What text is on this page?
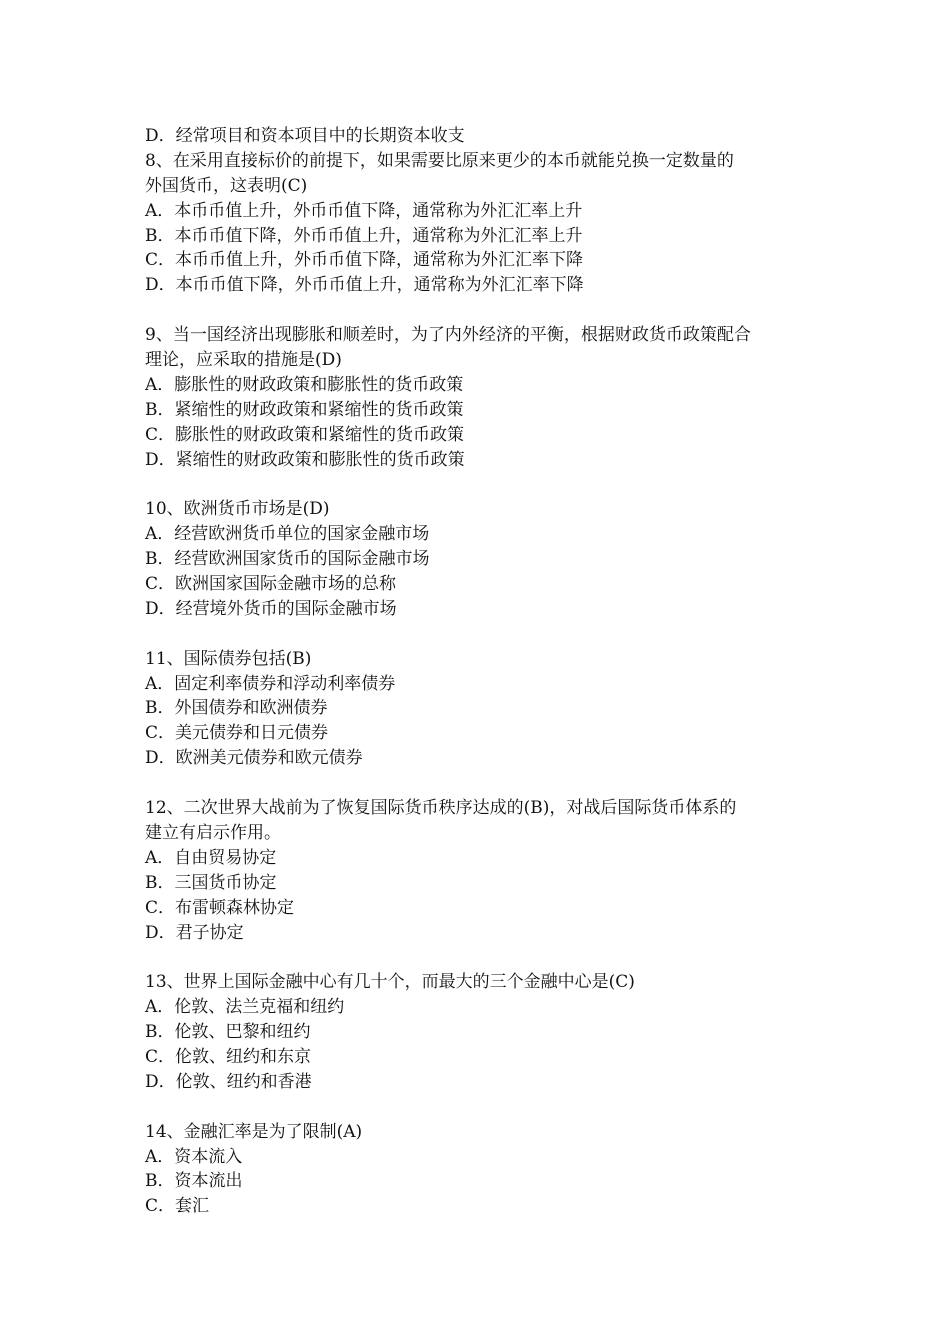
D．经常项目和资本项目中的长期资本收支
8、在采用直接标价的前提下，如果需要比原来更少的本币就能兑换一定数量的
外国货币，这表明(C)
A．本币币值上升，外币币值下降，通常称为外汇汇率上升
B．本币币值下降，外币币值上升，通常称为外汇汇率上升
C．本币币值上升，外币币值下降，通常称为外汇汇率下降
D．本币币值下降，外币币值上升，通常称为外汇汇率下降
9、当一国经济出现膨胀和顺差时，为了内外经济的平衡，根据财政货币政策配合
理论，应采取的措施是(D)
A．膨胀性的财政政策和膨胀性的货币政策
B．紧缩性的财政政策和紧缩性的货币政策
C．膨胀性的财政政策和紧缩性的货币政策
D．紧缩性的财政政策和膨胀性的货币政策
10、欧洲货币市场是(D)
A．经营欧洲货币单位的国家金融市场
B．经营欧洲国家货币的国际金融市场
C．欧洲国家国际金融市场的总称
D．经营境外货币的国际金融市场
11、国际债券包括(B)
A．固定利率债券和浮动利率债券
B．外国债券和欧洲债券
C．美元债券和日元债券
D．欧洲美元债券和欧元债券
12、二次世界大战前为了恢复国际货币秩序达成的(B)，对战后国际货币体系的
建立有启示作用。
A．自由贸易协定
B．三国货币协定
C．布雷顿森林协定
D．君子协定
13、世界上国际金融中心有几十个，而最大的三个金融中心是(C)
A．伦敦、法兰克福和纽约
B．伦敦、巴黎和纽约
C．伦敦、纽约和东京
D．伦敦、纽约和香港
14、金融汇率是为了限制(A)
A．资本流入
B．资本流出
C．套汇
